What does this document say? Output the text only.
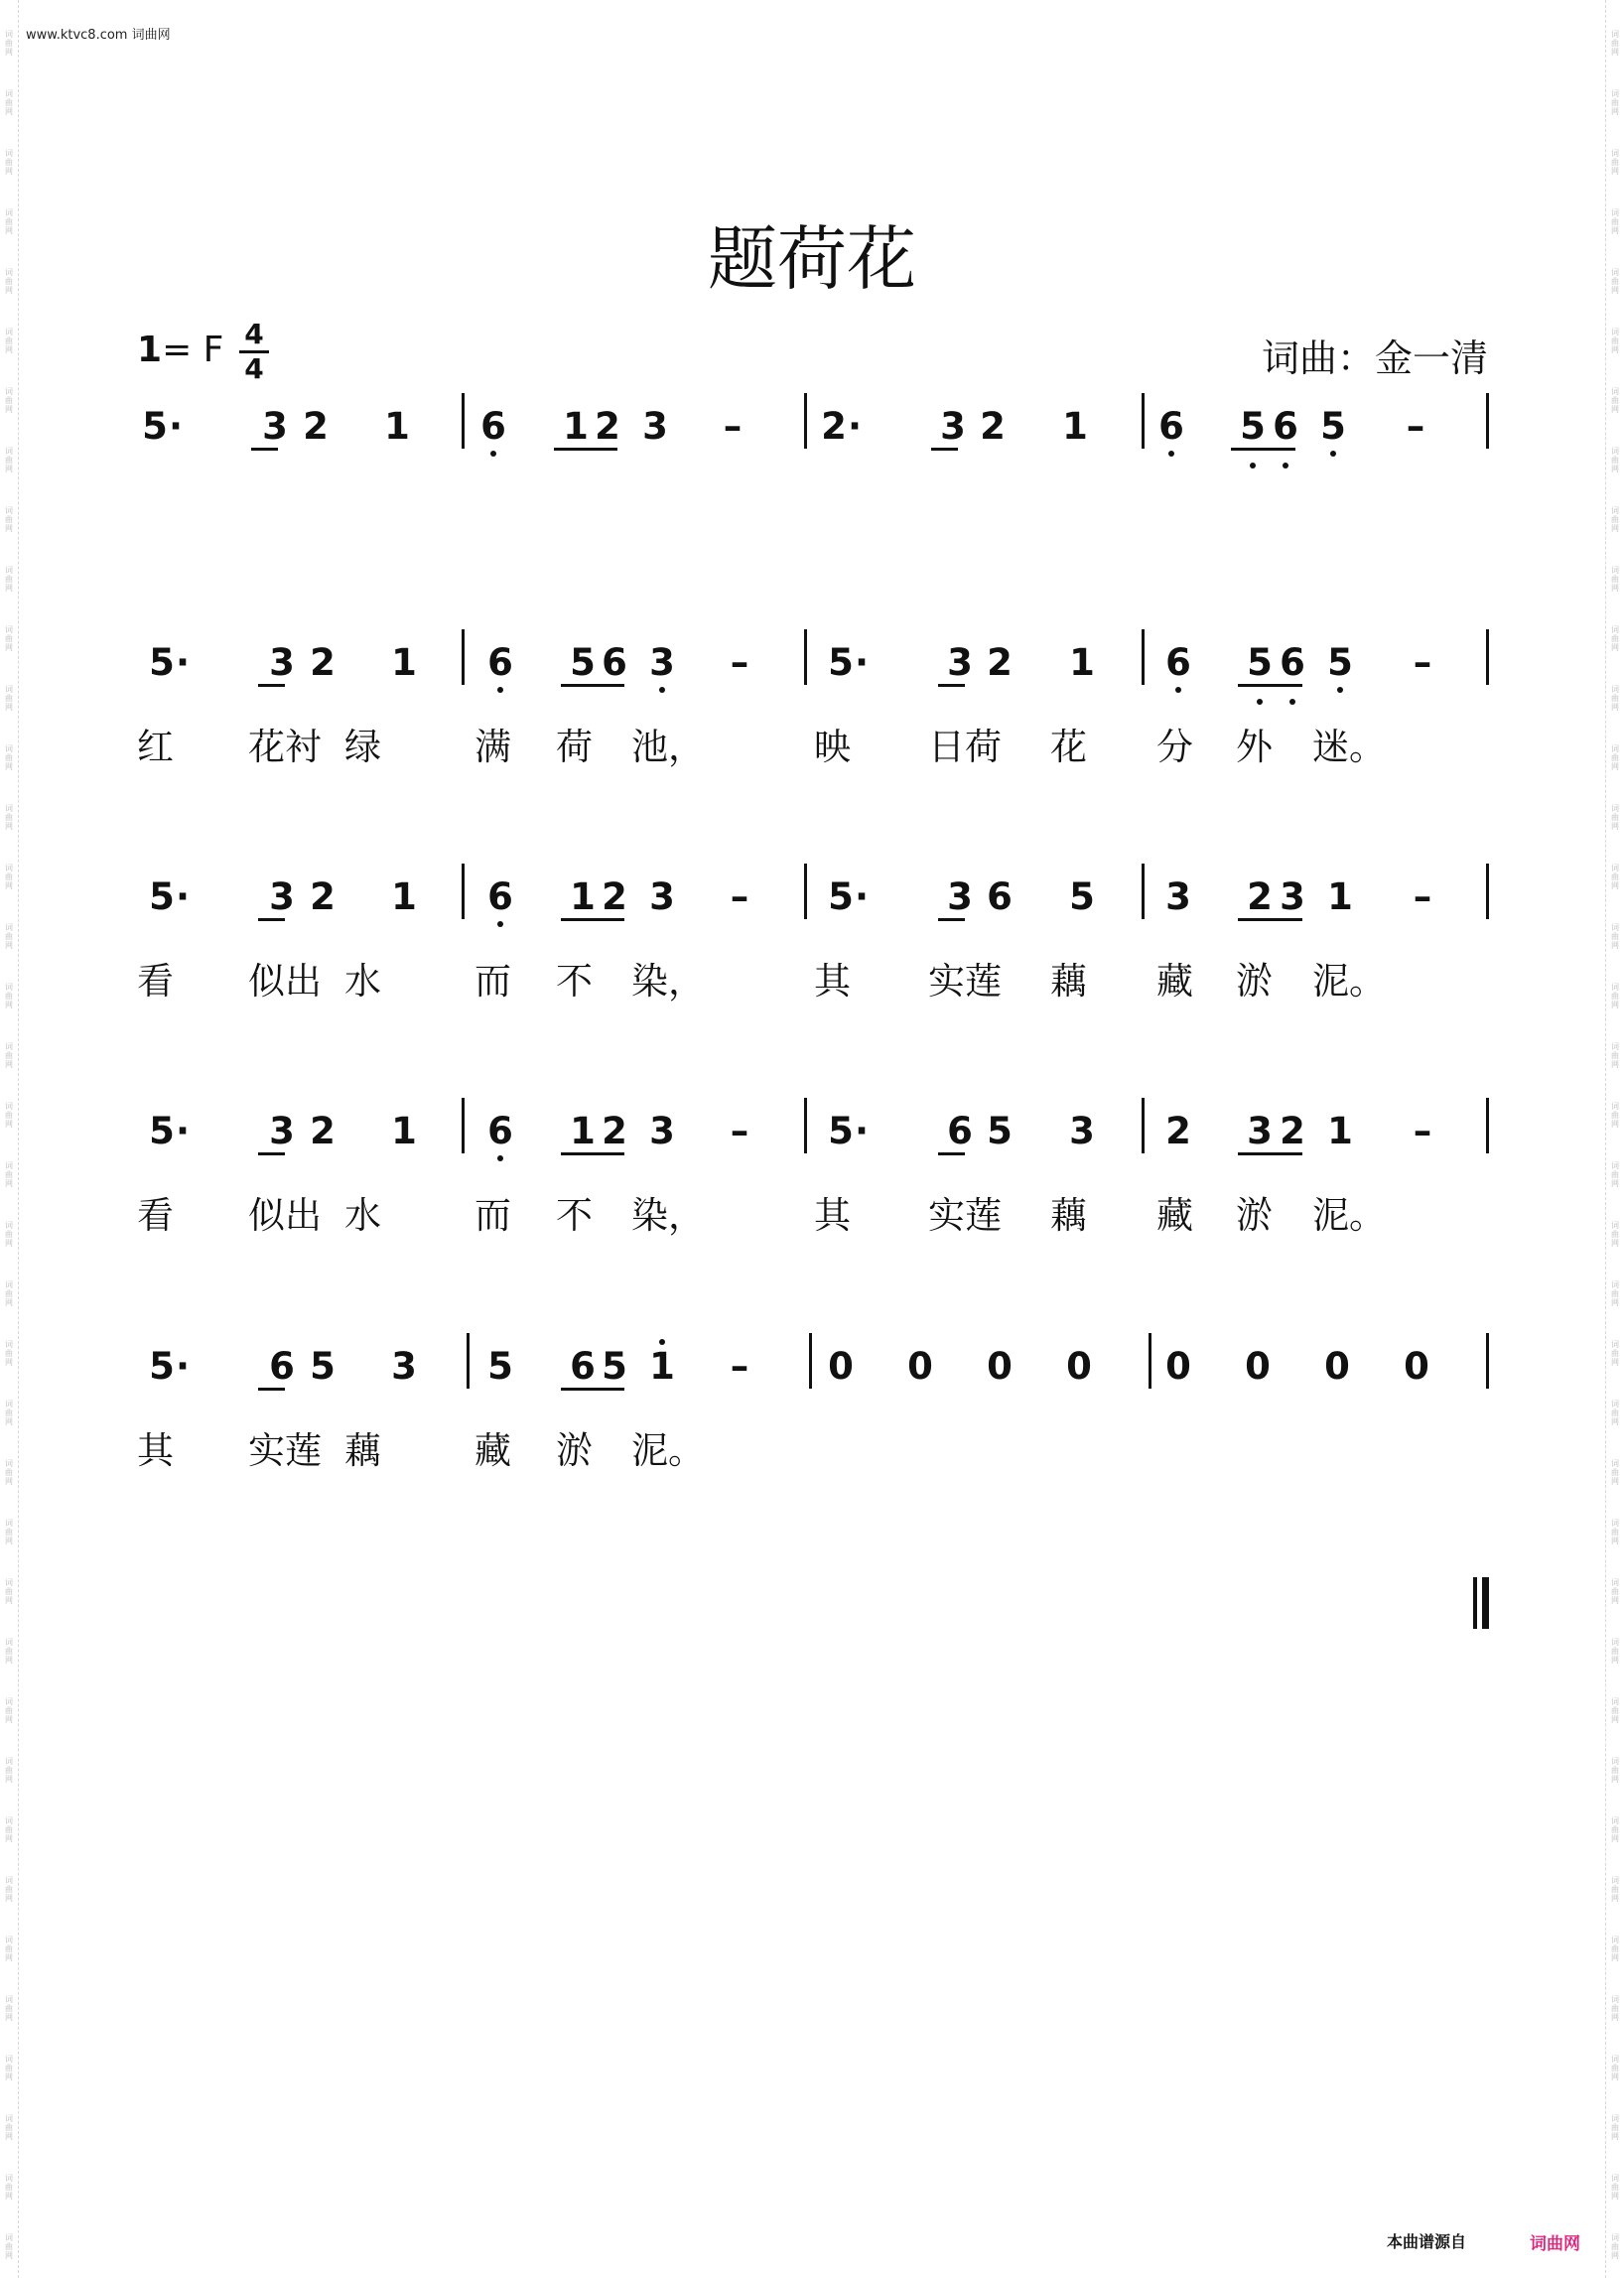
词
曲
网
词
曲
网
词
曲
网
词
曲
网
词
曲
网
词
曲
网
词
曲
网
词
曲
网
词
曲
网
词
曲
网
词
曲
网
词
曲
网
词
曲
网
词
曲
网
词
曲
网
词
曲
网
词
曲
网
词
曲
网
词
曲
网
词
曲
网
词
曲
网
词
曲
网
词
曲
网
词
曲
网
词
曲
网
词
曲
网
词
曲
网
词
曲
网
词
曲
网
词
曲
网
词
曲
网
词
曲
网
词
曲
网
词
曲
网
词
曲
网
词
曲
网
词
曲
网
词
曲
网
词
曲
网
词
曲
网
词
曲
网
词
曲
网
词
曲
网
词
曲
网
词
曲
网
词
曲
网
词
曲
网
词
曲
网
词
曲
网
词
曲
网
词
曲
网
词
曲
网
词
曲
网
词
曲
网
词
曲
网
词
曲
网
词
曲
网
词
曲
网
词
曲
网
词
曲
网
词
曲
网
词
曲
网
词
曲
网
词
曲
网
词
曲
网
词
曲
网
词
曲
网
词
曲
网
词
曲
网
词
曲
网
词
曲
网
词
曲
网
词
曲
网
词
曲
网
词
曲
网
词
曲
网
www.ktvc8.com 词曲网
题荷花
1= F 4
4	词曲：金一清
5 · 3 2 1 6 1 2 3 – 2 · 3 2 1 6 5 6 5 –
5 · 3 2 1 6 5 6 3 – 5 · 3 2 1 6 5 6 5 –
红 花衬 绿	满 荷 池，	映 日荷 花 分 外 迷。
5 · 3 2 1 6 1 2 3 – 5 · 3 6 5 3 2 3 1 –
看 似出 水	而 不 染，	其 实莲 藕 藏 淤 泥。
5 · 3 2 1 6 1 2 3 – 5 · 6 5 3 2 3 2 1 –
看 似出 水	而 不 染，	其 实莲 藕 藏 淤 泥。
5 · 6 5 3 5 6 5 1 – 0 0 0 0 0 0 0 0
其 实莲 藕	藏 淤 泥。
本曲谱源自	词曲网
